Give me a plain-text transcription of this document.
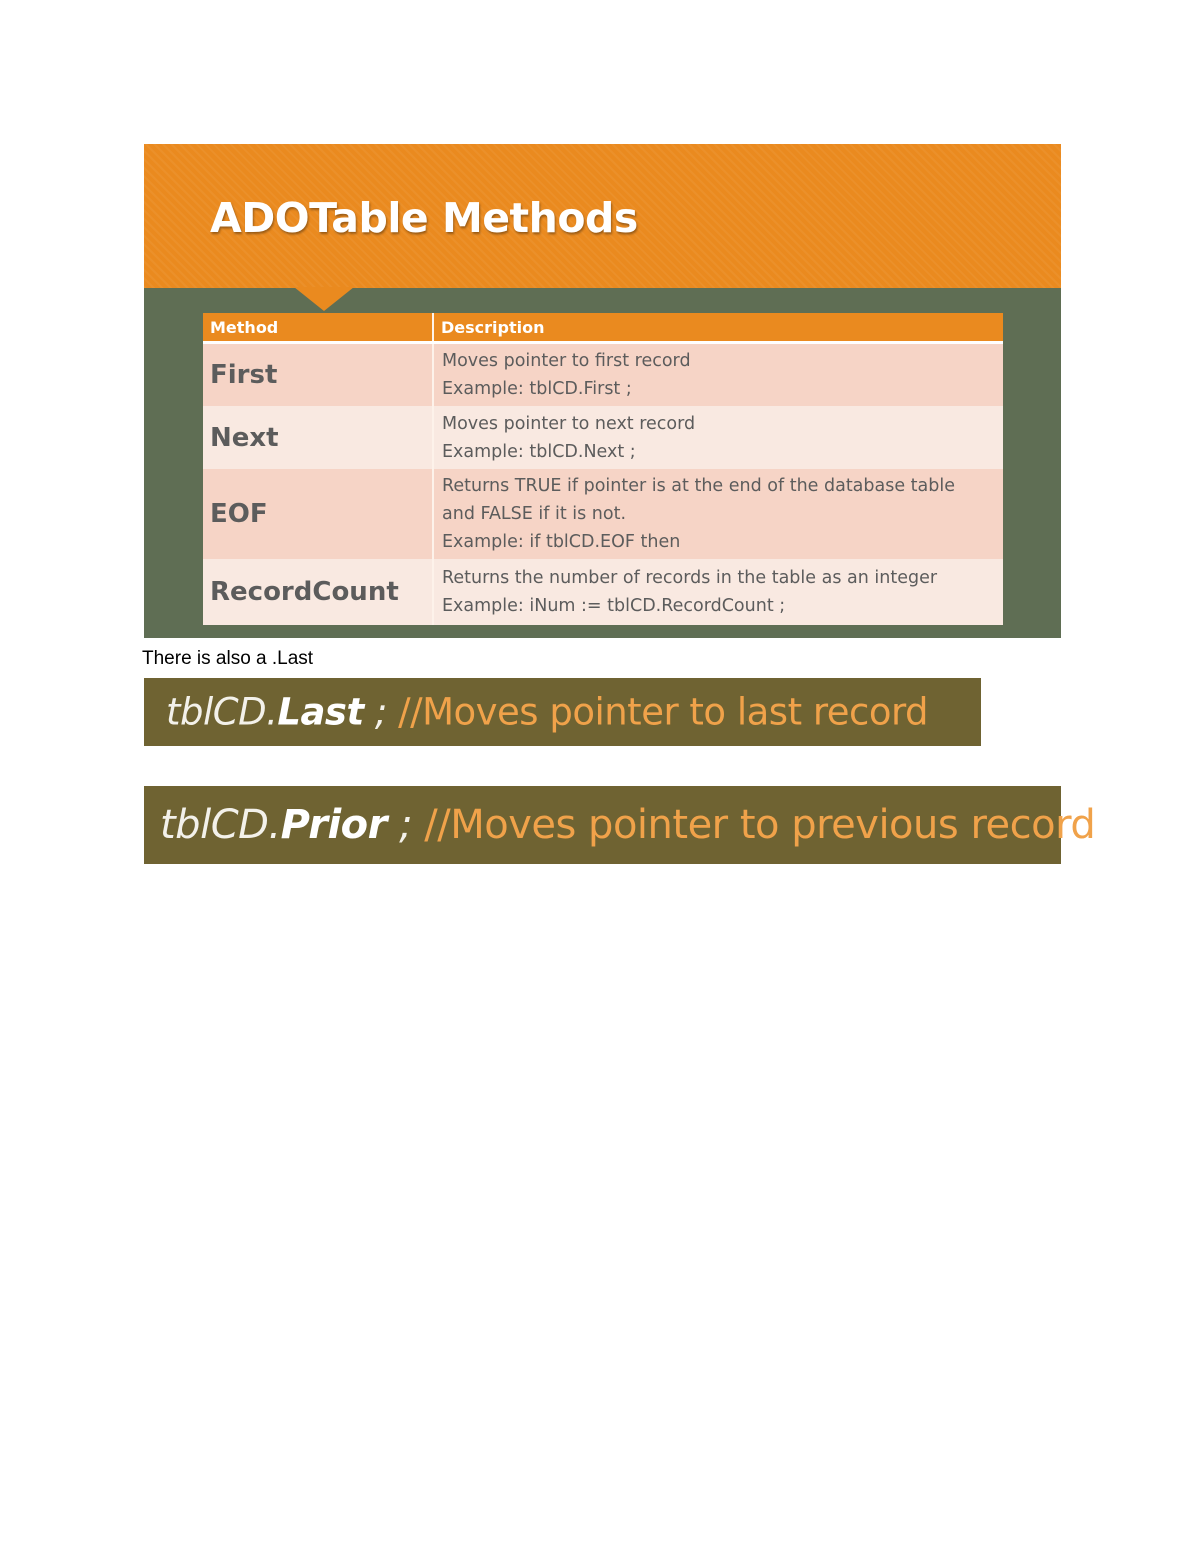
ADOTable Methods
Method	Description
First	Moves pointer to first record
Example: tblCD.First ;

Next	Moves pointer to next record
Example: tblCD.Next ;

EOF	Returns TRUE if pointer is at the end of the database table
and FALSE if it is not.
Example: if tblCD.EOF then

RecordCount	Returns the number of records in the table as an integer
Example: iNum := tblCD.RecordCount ;
There is also a .Last
tblCD.Last ; //Moves pointer to last record
tblCD.Prior ; //Moves pointer to previous record
